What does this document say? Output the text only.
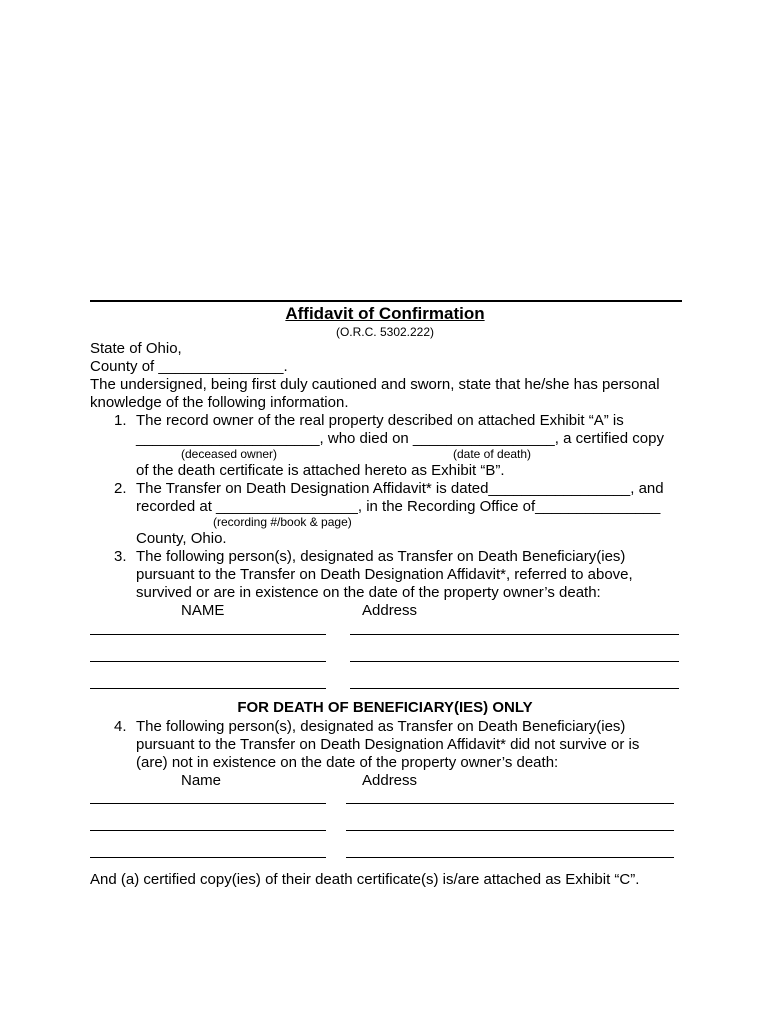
Affidavit of Confirmation
(O.R.C. 5302.222)
State of Ohio,
County of _______________.
The undersigned, being first duly cautioned and sworn, state that he/she has personal
knowledge of the following information.
1. The record owner of the real property described on attached Exhibit “A” is
______________________, who died on _________________, a certified copy
(deceased owner)	(date of death)
of the death certificate is attached hereto as Exhibit “B”.
2. The Transfer on Death Designation Affidavit* is dated_________________, and
recorded at _________________, in the Recording Office of_______________
(recording #/book & page)
County, Ohio.
3. The following person(s), designated as Transfer on Death Beneficiary(ies)
pursuant to the Transfer on Death Designation Affidavit*, referred to above,
survived or are in existence on the date of the property owner’s death:
NAME	Address
FOR DEATH OF BENEFICIARY(IES) ONLY
4. The following person(s), designated as Transfer on Death Beneficiary(ies)
pursuant to the Transfer on Death Designation Affidavit* did not survive or is
(are) not in existence on the date of the property owner’s death:
Name	Address
And (a) certified copy(ies) of their death certificate(s) is/are attached as Exhibit “C”.
